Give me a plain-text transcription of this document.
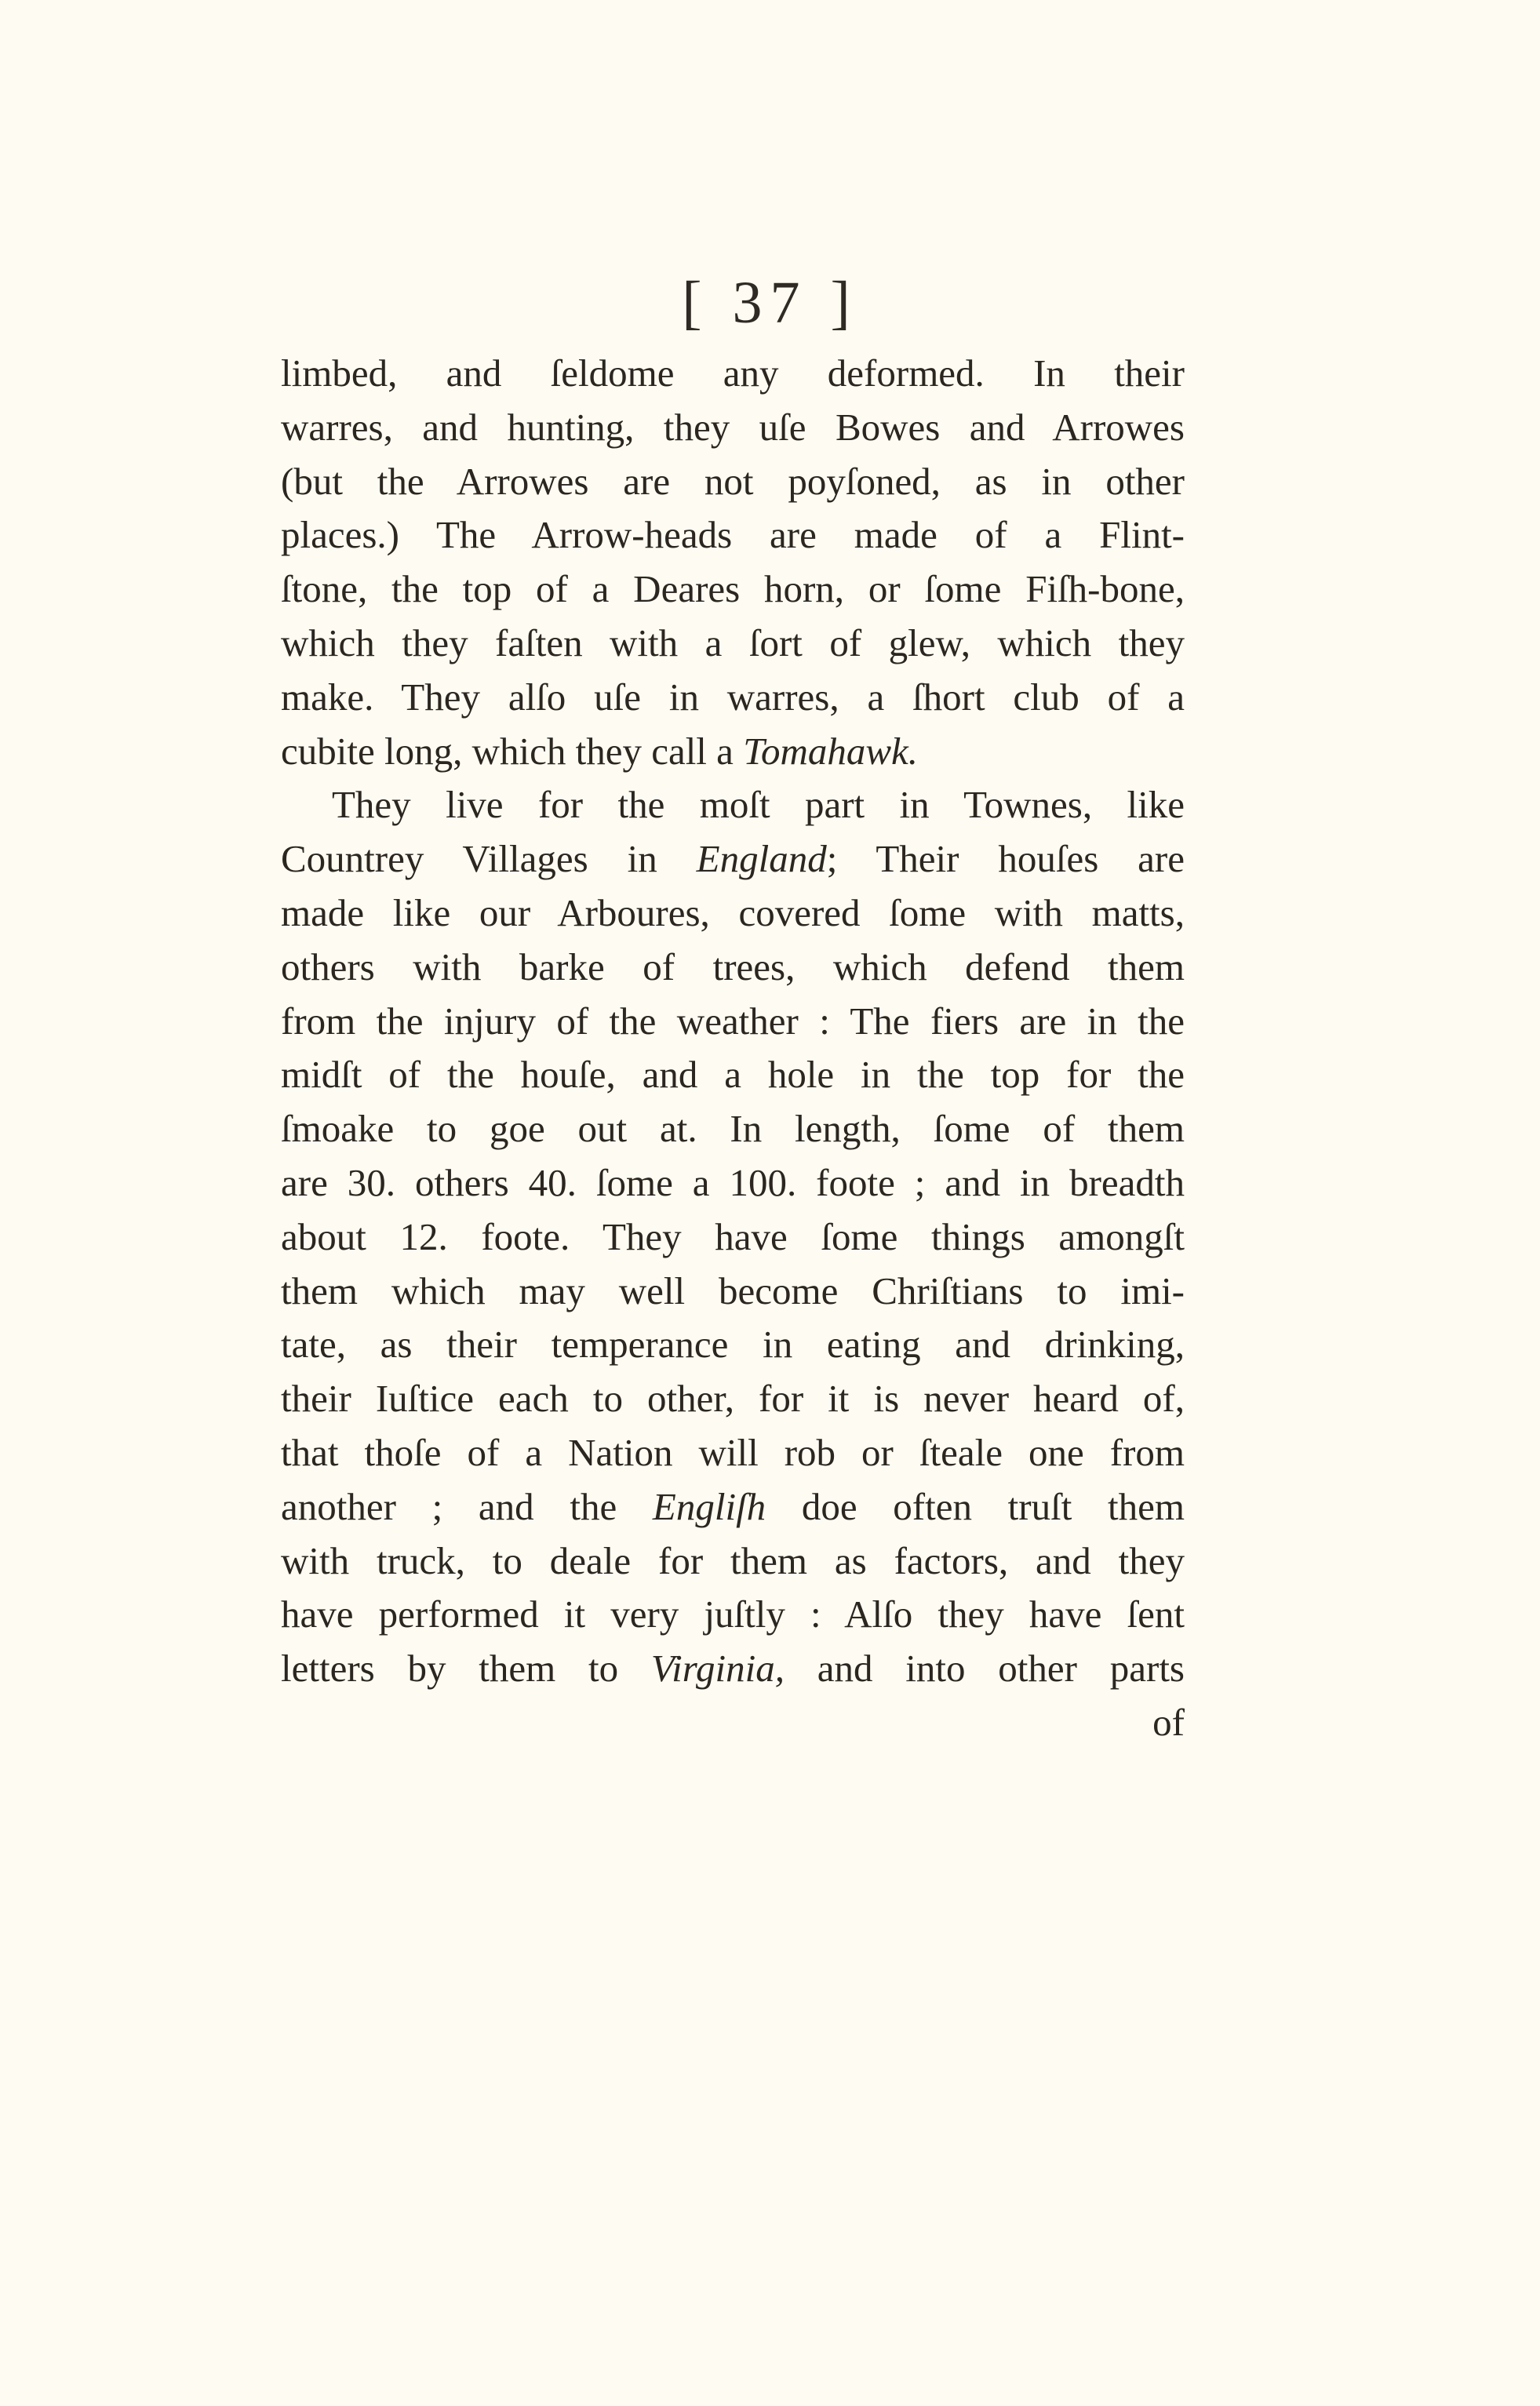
[ 37 ]
limbed, and ſeldome any deformed. In their
warres, and hunting, they uſe Bowes and Arrowes
(but the Arrowes are not poyſoned, as in other
places.) The Arrow-heads are made of a Flint-
ſtone, the top of a Deares horn, or ſome Fiſh-bone,
which they faſten with a ſort of glew, which they
make. They alſo uſe in warres, a ſhort club of a
cubite long, which they call a Tomahawk.
They live for the moſt part in Townes, like
Countrey Villages in England; Their houſes are
made like our Arboures, covered ſome with matts,
others with barke of trees, which defend them
from the injury of the weather : The fiers are in the
midſt of the houſe, and a hole in the top for the
ſmoake to goe out at. In length, ſome of them
are 30. others 40. ſome a 100. foote ; and in breadth
about 12. foote. They have ſome things amongſt
them which may well become Chriſtians to imi-
tate, as their temperance in eating and drinking,
their Iuſtice each to other, for it is never heard of,
that thoſe of a Nation will rob or ſteale one from
another ; and the Engliſh doe often truſt them
with truck, to deale for them as factors, and they
have performed it very juſtly : Alſo they have ſent
letters by them to Virginia, and into other parts
of
